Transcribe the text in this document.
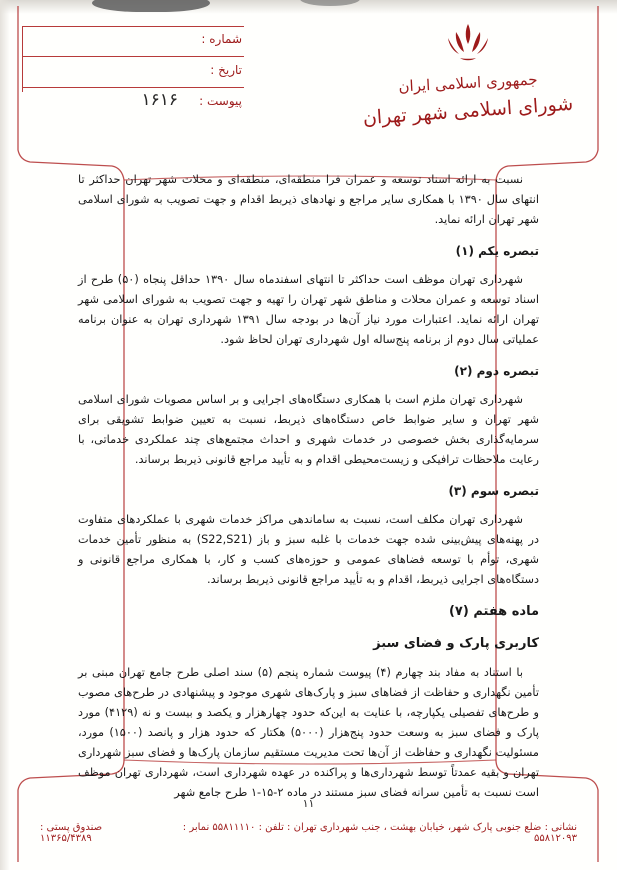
جمهوری اسلامی ایران
شورای اسلامی شهر تهران
شماره :
تاریخ :
پیوست :
۱۶۱۶

نسبت به ارائه اسناد توسعه و عمران فرا منطقه‌ای، منطقه‌ای و محلات شهر تهران حداکثر تا انتهای سال ۱۳۹۰ با همکاری سایر مراجع و نهادهای ذیربط اقدام و جهت تصویب به شورای اسلامی شهر تهران ارائه نماید.

تبصره یکم (۱)

شهرداری تهران موظف است حداکثر تا انتهای اسفندماه سال ۱۳۹۰ حداقل پنجاه (۵۰) طرح از اسناد توسعه و عمران محلات و مناطق شهر تهران را تهیه و جهت تصویب به شورای اسلامی شهر تهران ارائه نماید. اعتبارات مورد نیاز آن‌ها در بودجه سال ۱۳۹۱ شهرداری تهران به عنوان برنامه عملیاتی سال دوم از برنامه پنج‌ساله اول شهرداری تهران لحاظ شود.

تبصره دوم (۲)

شهرداری تهران ملزم است با همکاری دستگاه‌های اجرایی و بر اساس مصوبات شورای اسلامی شهر تهران و سایر ضوابط خاص دستگاه‌های ذیربط، نسبت به تعیین ضوابط تشویقی برای سرمایه‌گذاری بخش خصوصی در خدمات شهری و احداث مجتمع‌های چند عملکردی خدماتی، با رعایت ملاحظات ترافیکی و زیست‌محیطی اقدام و به تأیید مراجع قانونی ذیربط برساند.

تبصره سوم (۳)

شهرداری تهران مکلف است، نسبت به ساماندهی مراکز خدمات شهری با عملکردهای متفاوت در پهنه‌های پیش‌بینی شده جهت خدمات با غلبه سبز و باز (S22,S21) به منظور تأمین خدمات شهری، توأم با توسعه فضاهای عمومی و حوزه‌های کسب و کار، با همکاری مراجع قانونی و دستگاه‌های اجرایی ذیربط، اقدام و به تأیید مراجع قانونی ذیربط برساند.

ماده هفتم (۷)
کاربری پارک و فضای سبز

با استناد به مفاد بند چهارم (۴) پیوست شماره پنجم (۵) سند اصلی طرح جامع تهران مبنی بر تأمین نگهداری و حفاظت از فضاهای سبز و پارک‌های شهری موجود و پیشنهادی در طرح‌های مصوب و طرح‌های تفصیلی یکپارچه، با عنایت به این‌که حدود چهارهزار و یکصد و بیست و نه (۴۱۲۹) مورد پارک و فضای سبز به وسعت حدود پنج‌هزار (۵۰۰۰) هکتار که حدود هزار و پانصد (۱۵۰۰) مورد، مسئولیت نگهداری و حفاظت از آن‌ها تحت مدیریت مستقیم سازمان پارک‌ها و فضای سبز شهرداری تهران و بقیه عمدتاً توسط شهرداری‌ها و پراکنده در عهده شهرداری است، شهرداری تهران موظف است نسبت به تأمین سرانه فضای سبز مستند در ماده ۲-۱۵-۱ طرح جامع شهر

۱۱
نشانی : ضلع جنوبی پارک شهر، خیابان بهشت ، جنب شهرداری تهران : تلفن : ۵۵۸۱۱۱۱۰ نمابر : ۵۵۸۱۲۰۹۳
صندوق پستی : ۱۱۳۶۵/۴۳۸۹
